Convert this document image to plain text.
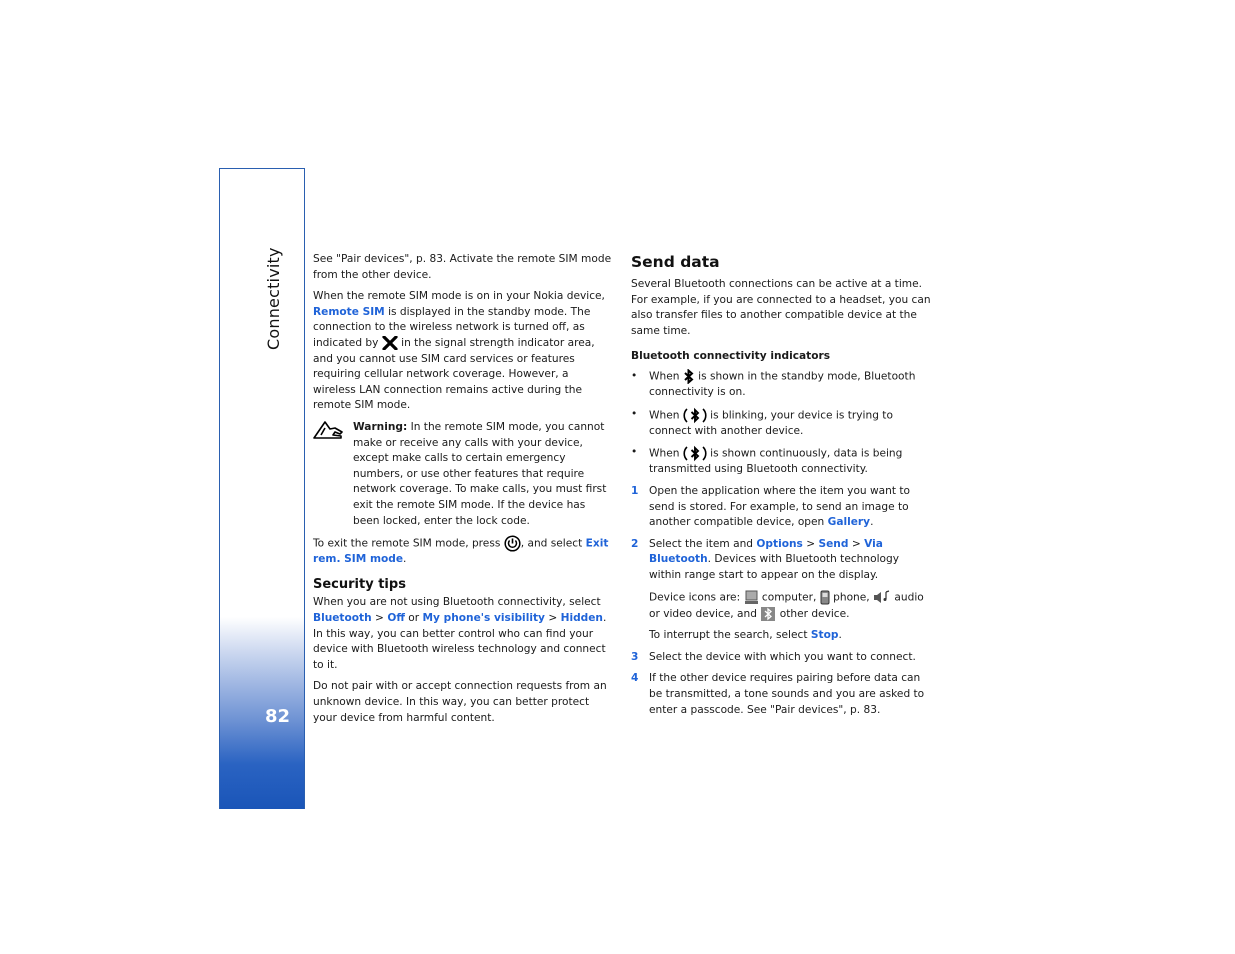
Connectivity
82

See "Pair devices", p. 83. Activate the remote SIM mode from the other device.

When the remote SIM mode is on in your Nokia device, Remote SIM is displayed in the standby mode. The connection to the wireless network is turned off, as indicated by in the signal strength indicator area, and you cannot use SIM card services or features requiring cellular network coverage. However, a wireless LAN connection remains active during the remote SIM mode.

Warning: In the remote SIM mode, you cannot make or receive any calls with your device, except make calls to certain emergency numbers, or use other features that require network coverage. To make calls, you must first exit the remote SIM mode. If the device has been locked, enter the lock code.

To exit the remote SIM mode, press , and select Exit rem. SIM mode.

Security tips

When you are not using Bluetooth connectivity, select Bluetooth > Off or My phone's visibility > Hidden. In this way, you can better control who can find your device with Bluetooth wireless technology and connect to it.

Do not pair with or accept connection requests from an unknown device. In this way, you can better protect your device from harmful content.

Send data

Several Bluetooth connections can be active at a time. For example, if you are connected to a headset, you can also transfer files to another compatible device at the same time.

Bluetooth connectivity indicators
• When is shown in the standby mode, Bluetooth connectivity is on.
• When	is blinking, your device is trying to connect with another device.
• When	is shown continuously, data is being transmitted using Bluetooth connectivity.
1 Open the application where the item you want to send is stored. For example, to send an image to another compatible device, open Gallery.
2 Select the item and Options > Send > Via Bluetooth. Devices with Bluetooth technology within range start to appear on the display.
Device icons are: computer, phone, audio or video device, and other device.
To interrupt the search, select Stop.
3 Select the device with which you want to connect.
4 If the other device requires pairing before data can be transmitted, a tone sounds and you are asked to enter a passcode. See "Pair devices", p. 83.
